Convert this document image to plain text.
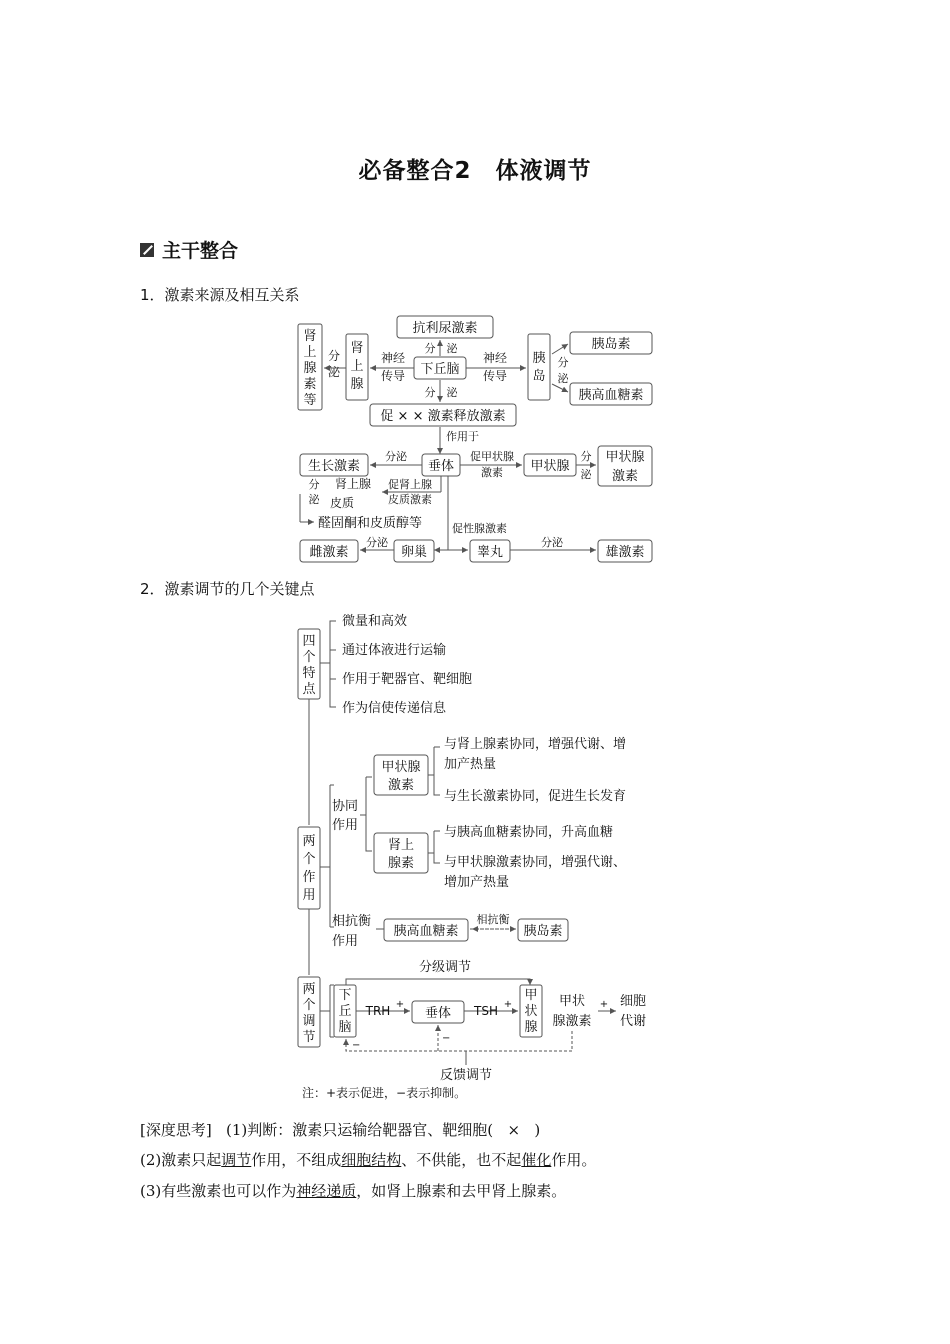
必备整合2　体液调节
主干整合
1．激素来源及相互关系
肾
上
腺
素
等
分
泌
肾
上
腺
神经
传导
抗利尿激素
分 泌
下丘脑
分 泌
神经
传导
胰
岛
分
泌
胰岛素
胰高血糖素
促 × × 激素释放激素
作用于
生长激素
分泌
垂体
促甲状腺
激素 甲状腺
分
泌
甲状腺
激素
促肾上腺
皮质激素
肾上腺
皮质
分
泌
醛固酮和皮质醇等	促性腺激素
雌激素
分泌
卵巢	睾丸
分泌
雄激素
2．激素调节的几个关键点
四
个
特
点
微量和高效
通过体液进行运输
作用于靶器官、靶细胞
作为信使传递信息
两
个
作
用
协同
作用
甲状腺
激素
与肾上腺素协同，增强代谢、增
加产热量
与生长激素协同，促进生长发育
肾上
腺素
与胰高血糖素协同，升高血糖
与甲状腺激素协同，增强代谢、
增加产热量
相抗衡
作用
胰高血糖素
相抗衡
胰岛素
两
个
调
节
分级调节
下
丘
脑
TRH +
垂体 TSH +
甲
状
腺
甲状
腺激素
+ 细胞
代谢
−
−
反馈调节
注：+表示促进，−表示抑制。
[深度思考] (1)判断：激素只运输给靶器官、靶细胞( × )
(2)激素只起调节作用，不组成细胞结构、不供能，也不起催化作用。
(3)有些激素也可以作为神经递质，如肾上腺素和去甲肾上腺素。
